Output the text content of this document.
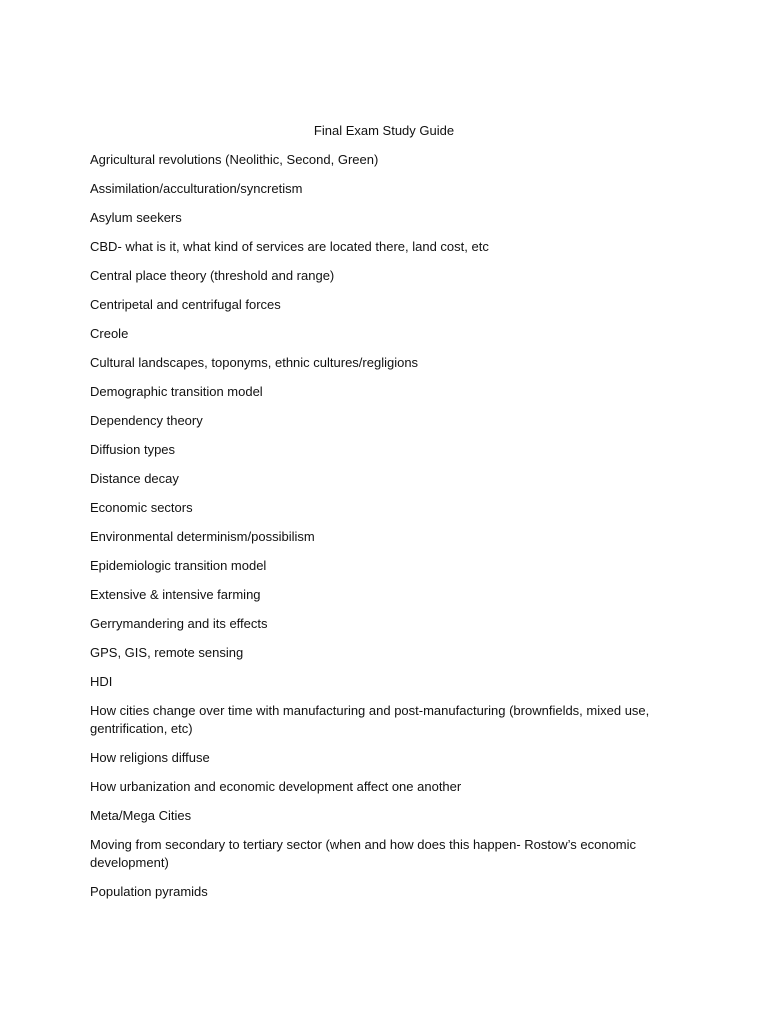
Final Exam Study Guide
Agricultural revolutions (Neolithic, Second, Green)
Assimilation/acculturation/syncretism
Asylum seekers
CBD- what is it, what kind of services are located there, land cost, etc
Central place theory (threshold and range)
Centripetal and centrifugal forces
Creole
Cultural landscapes, toponyms, ethnic cultures/regligions
Demographic transition model
Dependency theory
Diffusion types
Distance decay
Economic sectors
Environmental determinism/possibilism
Epidemiologic transition model
Extensive & intensive farming
Gerrymandering and its effects
GPS, GIS, remote sensing
HDI
How cities change over time with manufacturing and post-manufacturing (brownfields, mixed use, gentrification, etc)
How religions diffuse
How urbanization and economic development affect one another
Meta/Mega Cities
Moving from secondary to tertiary sector (when and how does this happen- Rostow’s economic development)
Population pyramids
